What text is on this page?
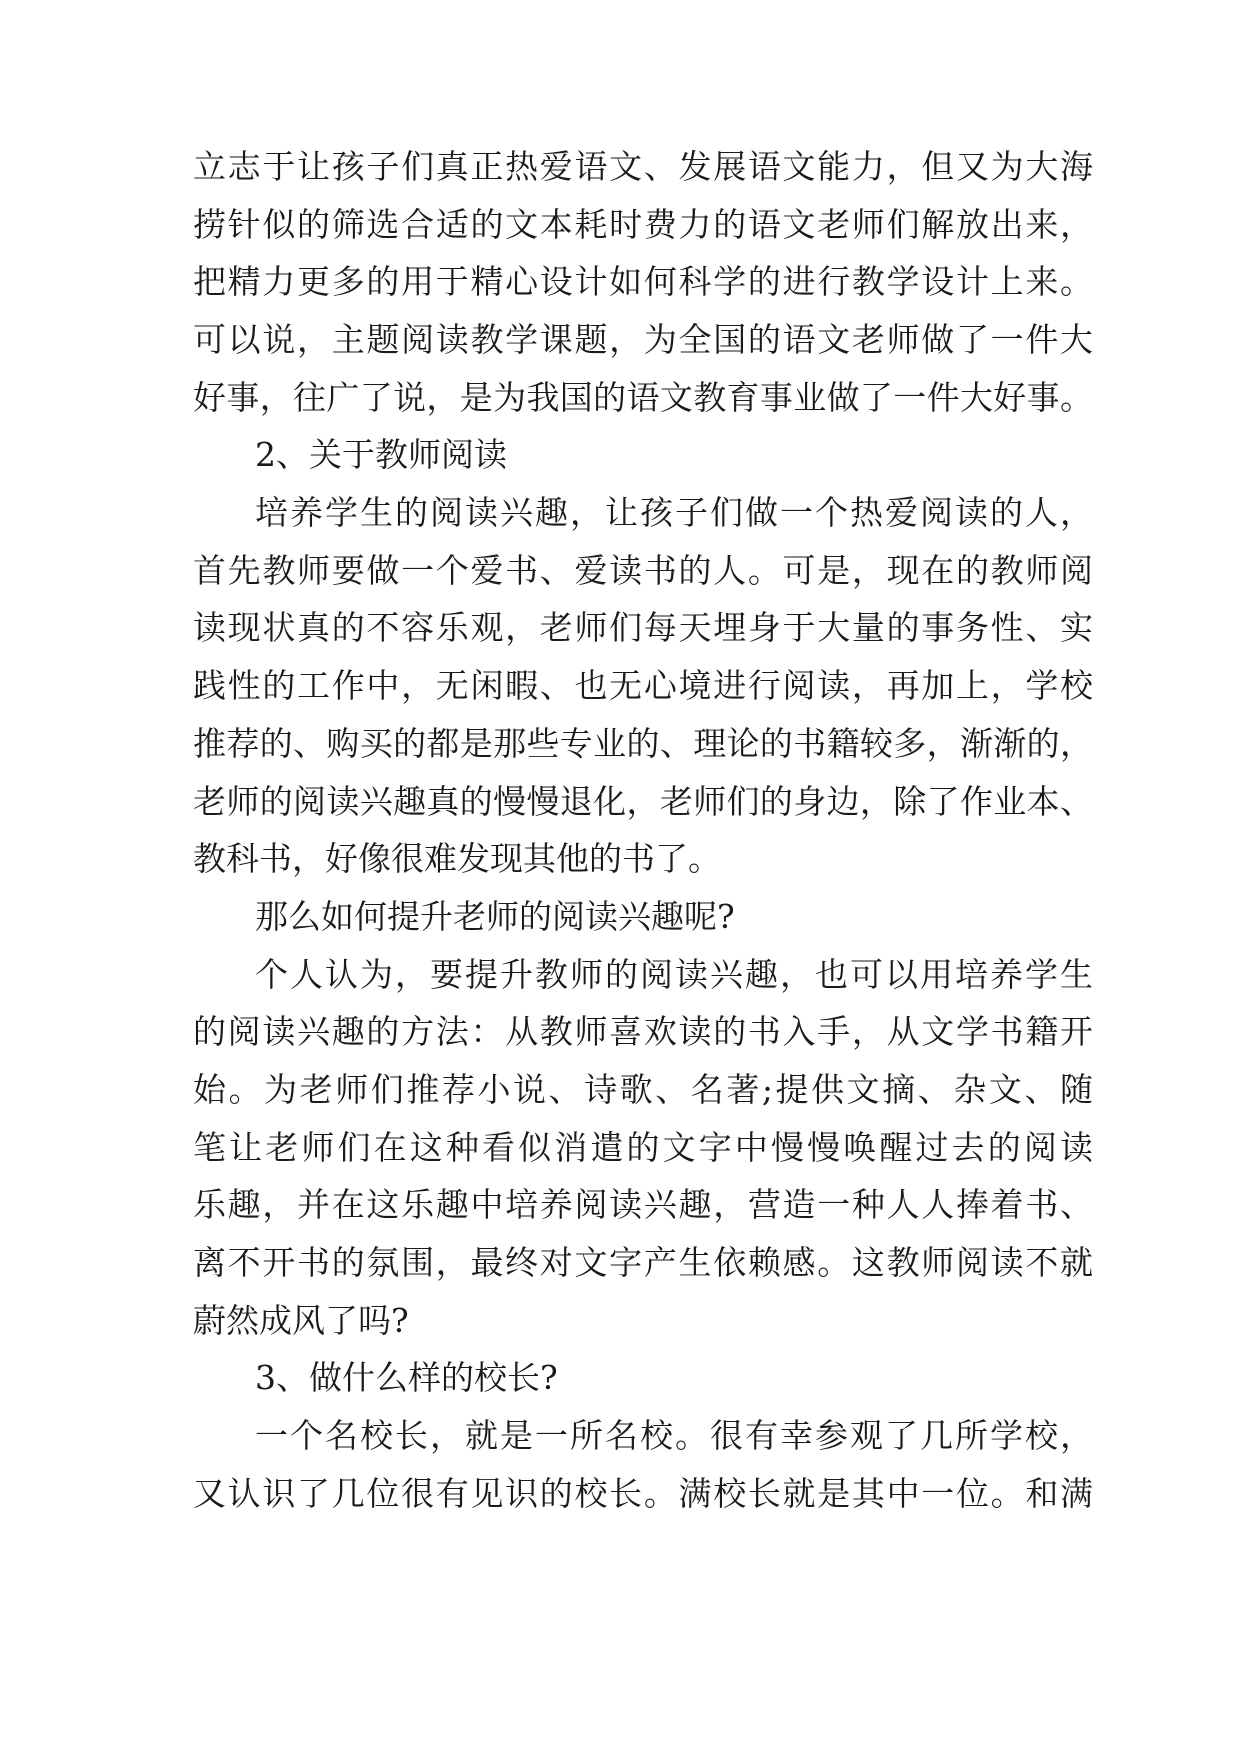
立志于让孩子们真正热爱语文、发展语文能力，但又为大海
捞针似的筛选合适的文本耗时费力的语文老师们解放出来，
把精力更多的用于精心设计如何科学的进行教学设计上来。
可以说，主题阅读教学课题，为全国的语文老师做了一件大
好事，往广了说，是为我国的语文教育事业做了一件大好事。
2、关于教师阅读
培养学生的阅读兴趣，让孩子们做一个热爱阅读的人，
首先教师要做一个爱书、爱读书的人。可是，现在的教师阅
读现状真的不容乐观，老师们每天埋身于大量的事务性、实
践性的工作中，无闲暇、也无心境进行阅读，再加上，学校
推荐的、购买的都是那些专业的、理论的书籍较多，渐渐的，
老师的阅读兴趣真的慢慢退化，老师们的身边，除了作业本、
教科书，好像很难发现其他的书了。
那么如何提升老师的阅读兴趣呢?
个人认为，要提升教师的阅读兴趣，也可以用培养学生
的阅读兴趣的方法：从教师喜欢读的书入手，从文学书籍开
始。为老师们推荐小说、诗歌、名著;提供文摘、杂文、随
笔让老师们在这种看似消遣的文字中慢慢唤醒过去的阅读
乐趣，并在这乐趣中培养阅读兴趣，营造一种人人捧着书、
离不开书的氛围，最终对文字产生依赖感。这教师阅读不就
蔚然成风了吗?
3、做什么样的校长?
一个名校长，就是一所名校。很有幸参观了几所学校，
又认识了几位很有见识的校长。满校长就是其中一位。和满
